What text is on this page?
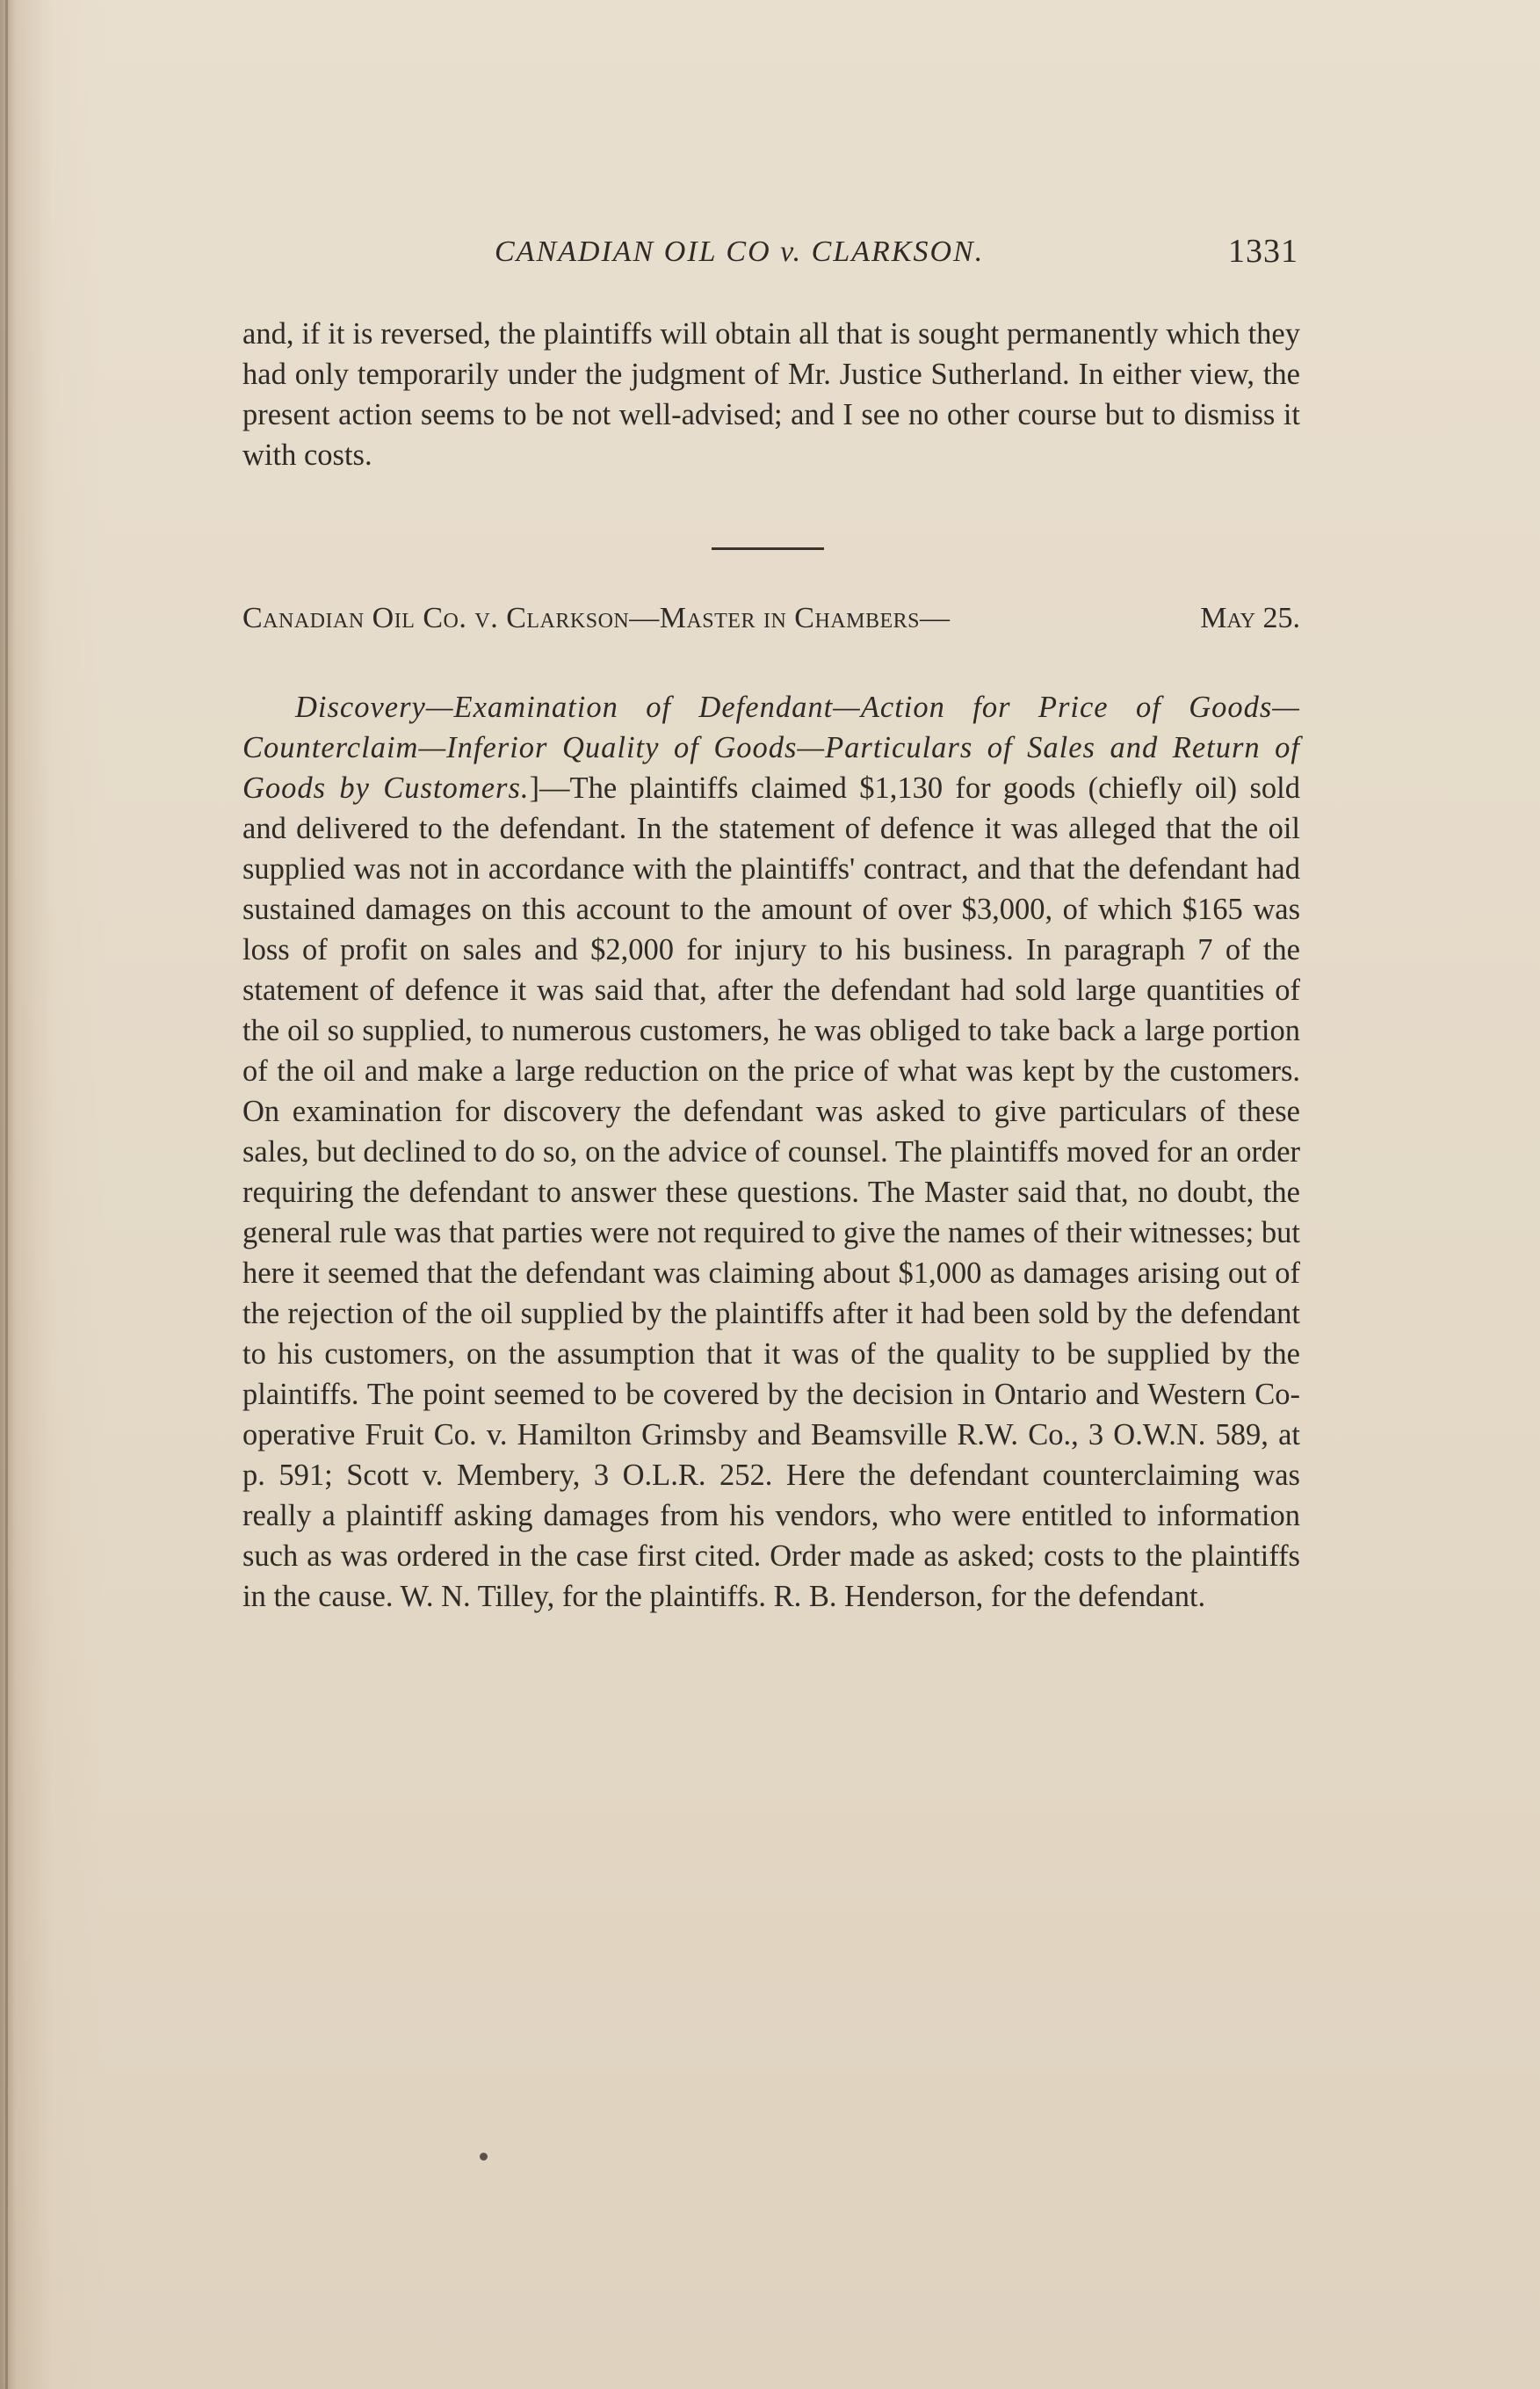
CANADIAN OIL CO v. CLARKSON.	1331

and, if it is reversed, the plaintiffs will obtain all that is sought permanently which they had only temporarily under the judgment of Mr. Justice Sutherland. In either view, the present action seems to be not well-advised; and I see no other course but to dismiss it with costs.

Canadian Oil Co. v. Clarkson—Master in Chambers—	May 25.

Discovery—Examination of Defendant—Action for Price of Goods—Counterclaim—Inferior Quality of Goods—Particulars of Sales and Return of Goods by Customers.]—The plaintiffs claimed $1,130 for goods (chiefly oil) sold and delivered to the defendant. In the statement of defence it was alleged that the oil supplied was not in accordance with the plaintiffs' contract, and that the defendant had sustained damages on this account to the amount of over $3,000, of which $165 was loss of profit on sales and $2,000 for injury to his business. In paragraph 7 of the statement of defence it was said that, after the defendant had sold large quantities of the oil so supplied, to numerous customers, he was obliged to take back a large portion of the oil and make a large reduction on the price of what was kept by the customers. On examination for discovery the defendant was asked to give particulars of these sales, but declined to do so, on the advice of counsel. The plaintiffs moved for an order requiring the defendant to answer these questions. The Master said that, no doubt, the general rule was that parties were not required to give the names of their witnesses; but here it seemed that the defendant was claiming about $1,000 as damages arising out of the rejection of the oil supplied by the plaintiffs after it had been sold by the defendant to his customers, on the assumption that it was of the quality to be supplied by the plaintiffs. The point seemed to be covered by the decision in Ontario and Western Co-operative Fruit Co. v. Hamilton Grimsby and Beamsville R.W. Co., 3 O.W.N. 589, at p. 591; Scott v. Membery, 3 O.L.R. 252. Here the defendant counterclaiming was really a plaintiff asking damages from his vendors, who were entitled to information such as was ordered in the case first cited. Order made as asked; costs to the plaintiffs in the cause. W. N. Tilley, for the plaintiffs. R. B. Henderson, for the defendant.
